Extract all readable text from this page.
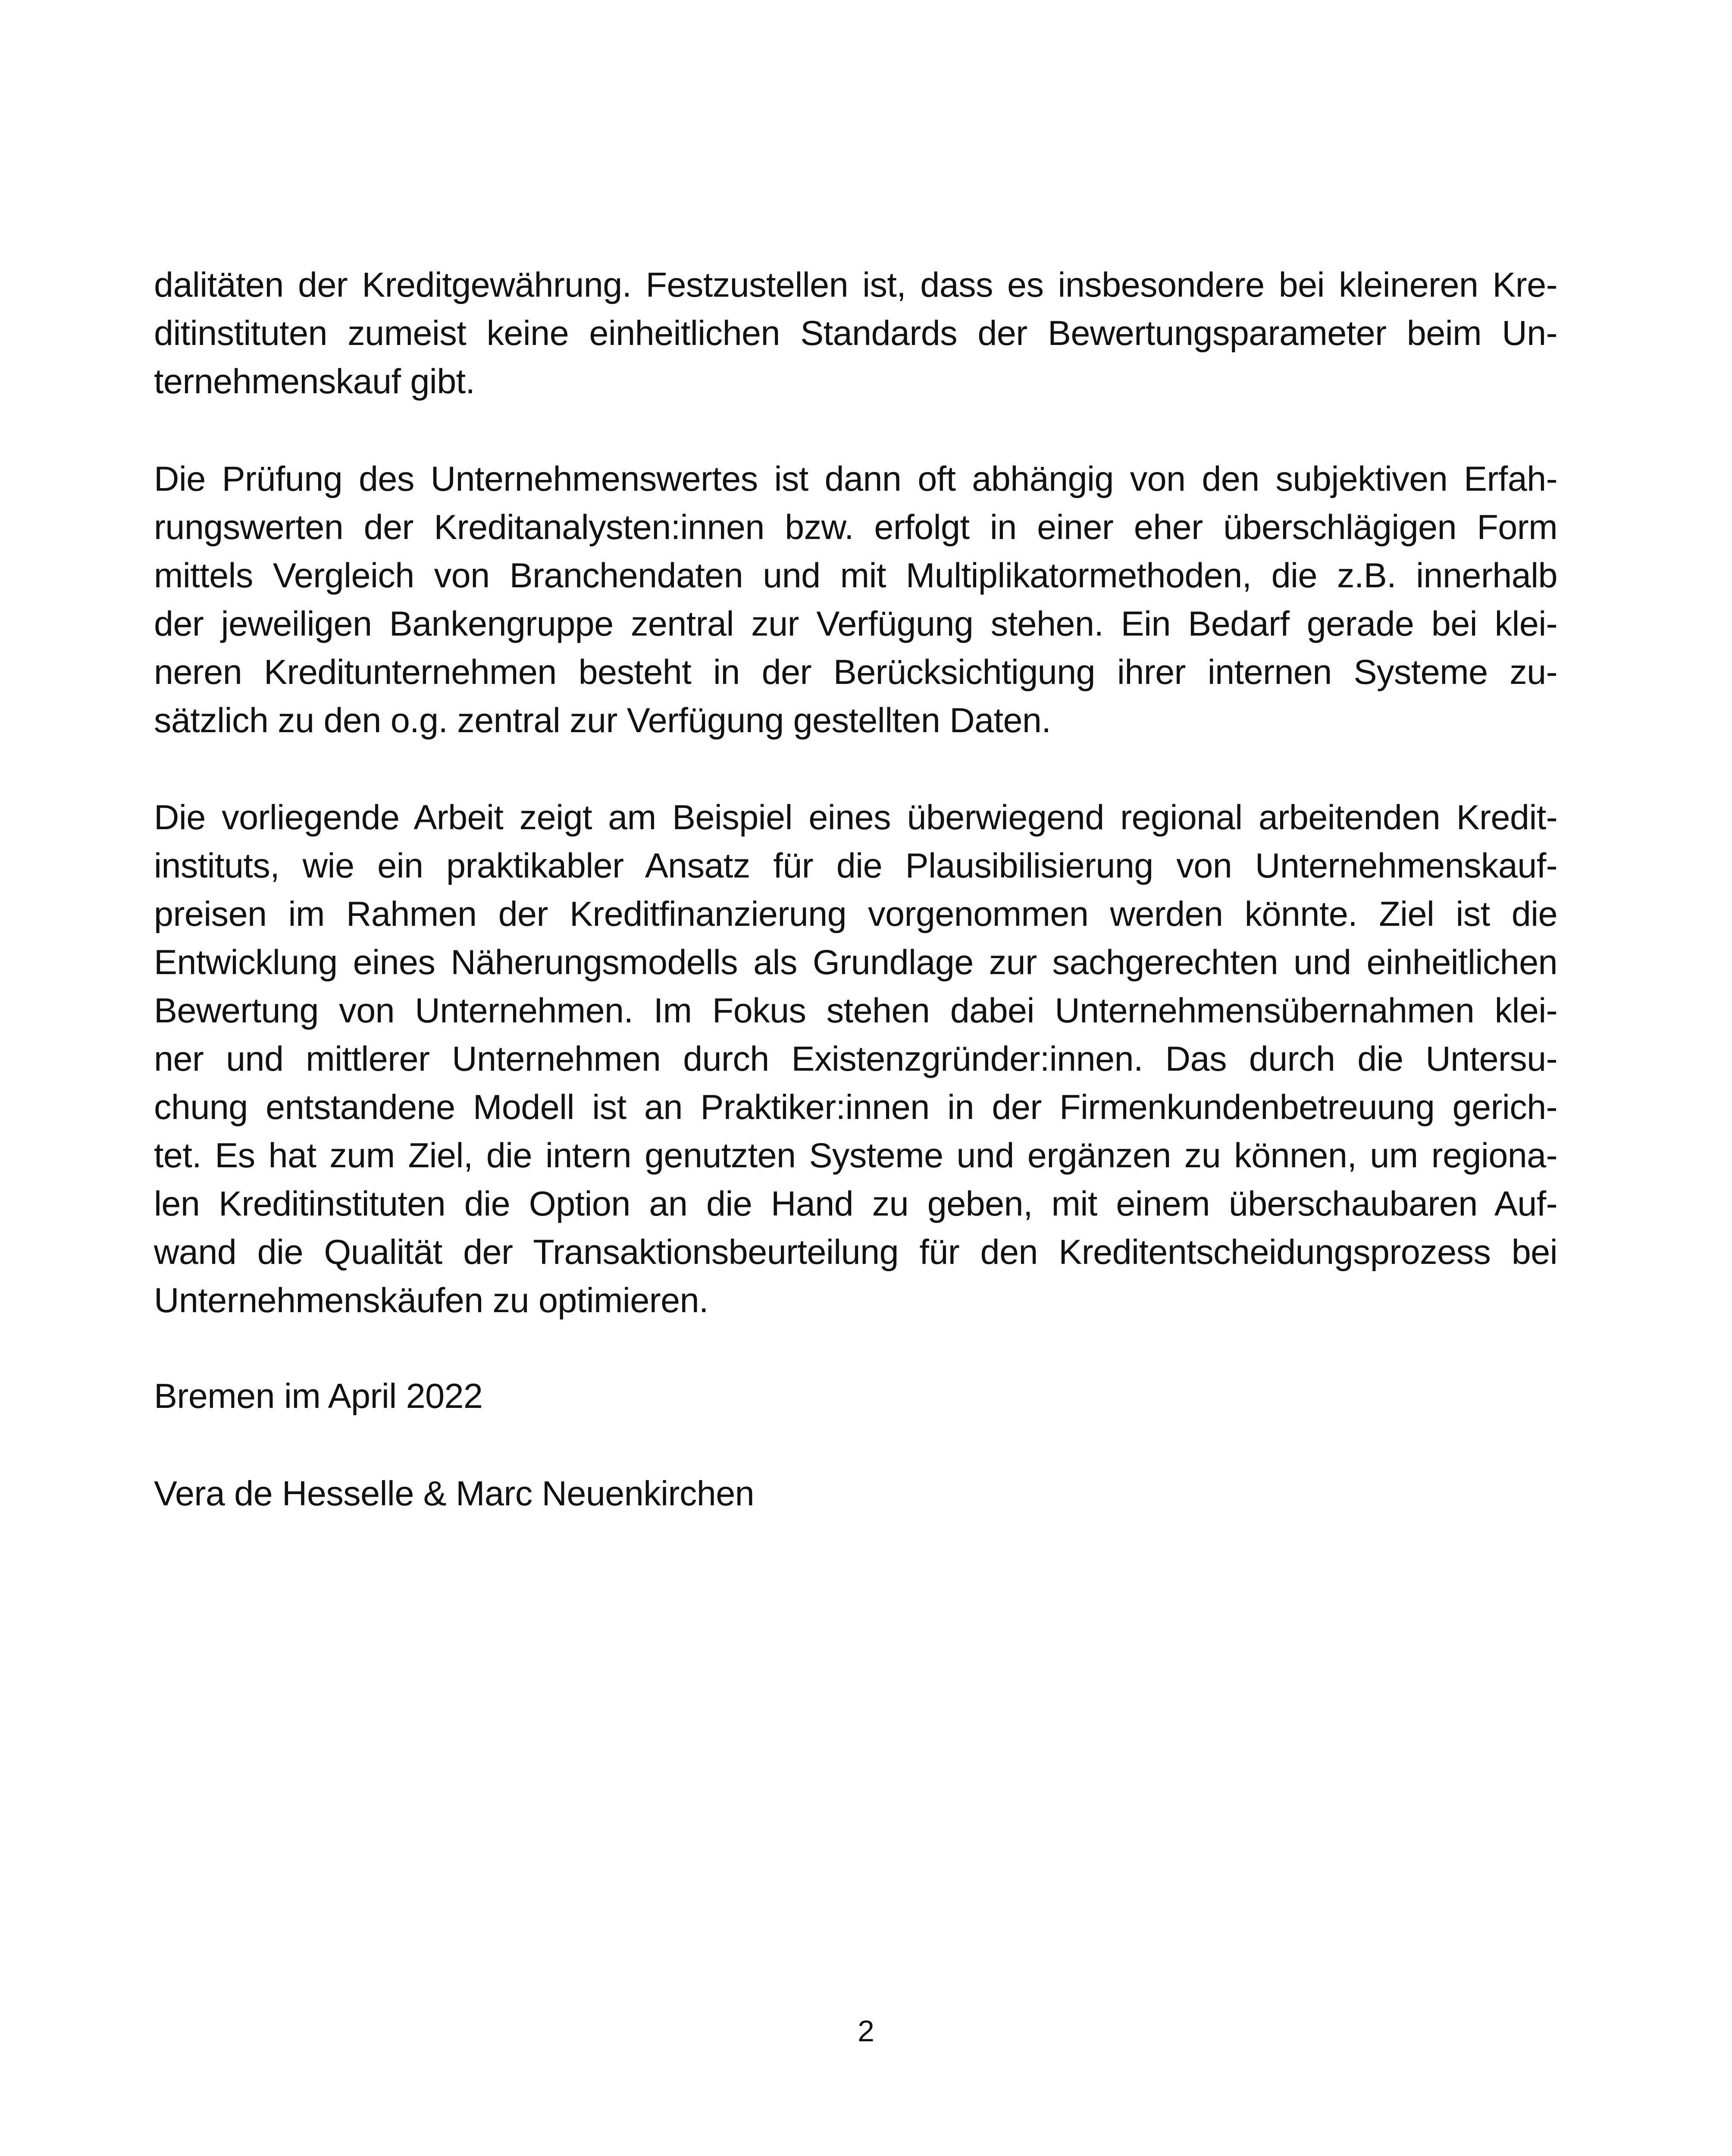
dalitäten der Kreditgewährung. Festzustellen ist, dass es insbesondere bei kleineren Kre-
ditinstituten zumeist keine einheitlichen Standards der Bewertungsparameter beim Un-
ternehmenskauf gibt.

Die Prüfung des Unternehmenswertes ist dann oft abhängig von den subjektiven Erfah-
rungswerten der Kreditanalysten:innen bzw. erfolgt in einer eher überschlägigen Form
mittels Vergleich von Branchendaten und mit Multiplikatormethoden, die z.B. innerhalb
der jeweiligen Bankengruppe zentral zur Verfügung stehen. Ein Bedarf gerade bei klei-
neren Kreditunternehmen besteht in der Berücksichtigung ihrer internen Systeme zu-
sätzlich zu den o.g. zentral zur Verfügung gestellten Daten.

Die vorliegende Arbeit zeigt am Beispiel eines überwiegend regional arbeitenden Kredit-
instituts, wie ein praktikabler Ansatz für die Plausibilisierung von Unternehmenskauf-
preisen im Rahmen der Kreditfinanzierung vorgenommen werden könnte. Ziel ist die
Entwicklung eines Näherungsmodells als Grundlage zur sachgerechten und einheitlichen
Bewertung von Unternehmen. Im Fokus stehen dabei Unternehmensübernahmen klei-
ner und mittlerer Unternehmen durch Existenzgründer:innen. Das durch die Untersu-
chung entstandene Modell ist an Praktiker:innen in der Firmenkundenbetreuung gerich-
tet. Es hat zum Ziel, die intern genutzten Systeme und ergänzen zu können, um regiona-
len Kreditinstituten die Option an die Hand zu geben, mit einem überschaubaren Auf-
wand die Qualität der Transaktionsbeurteilung für den Kreditentscheidungsprozess bei
Unternehmenskäufen zu optimieren.

Bremen im April 2022
Vera de Hesselle & Marc Neuenkirchen
2
